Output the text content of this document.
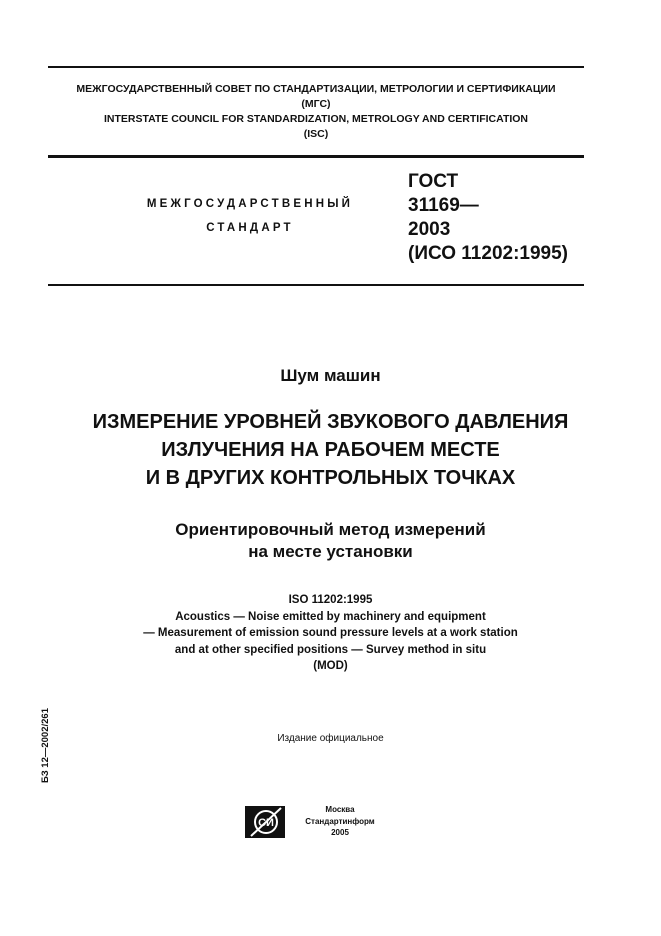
МЕЖГОСУДАРСТВЕННЫЙ СОВЕТ ПО СТАНДАРТИЗАЦИИ, МЕТРОЛОГИИ И СЕРТИФИКАЦИИ
(МГС)
INTERSTATE COUNCIL FOR STANDARDIZATION, METROLOGY AND CERTIFICATION
(ISC)
МЕЖГОСУДАРСТВЕННЫЙ
СТАНДАРТ
ГОСТ
31169—
2003
(ИСО 11202:1995)
Шум машин
ИЗМЕРЕНИЕ УРОВНЕЙ ЗВУКОВОГО ДАВЛЕНИЯ
ИЗЛУЧЕНИЯ НА РАБОЧЕМ МЕСТЕ
И В ДРУГИХ КОНТРОЛЬНЫХ ТОЧКАХ
Ориентировочный метод измерений
на месте установки
ISO 11202:1995
Acoustics — Noise emitted by machinery and equipment
— Measurement of emission sound pressure levels at a work station
and at other specified positions — Survey method in situ
(MOD)
Издание официальное
БЗ 12—2002/261
СИ
Москва
Стандартинформ
2005
